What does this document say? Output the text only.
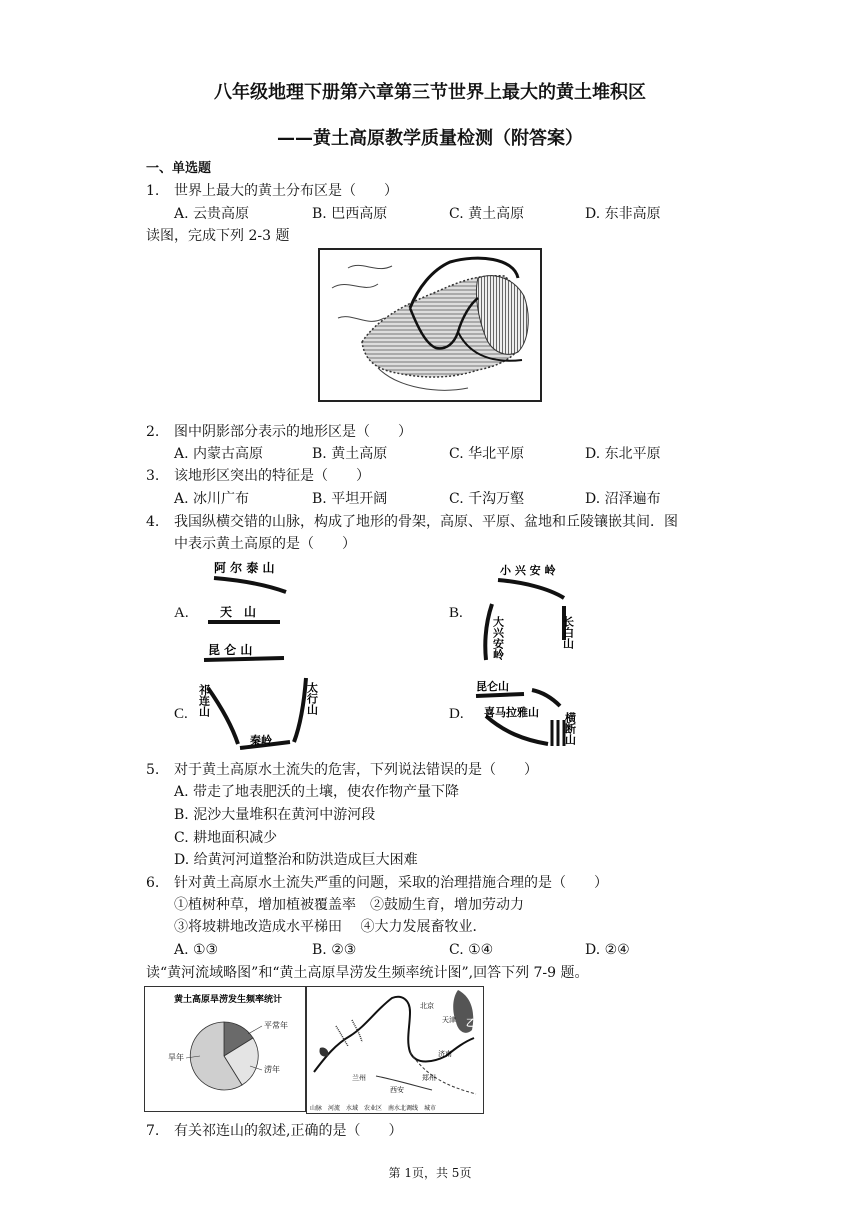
八年级地理下册第六章第三节世界上最大的黄土堆积区
——黄土高原教学质量检测（附答案）
一、单选题
1. 世界上最大的黄土分布区是（　　）
A. 云贵高原	B. 巴西高原	C. 黄土高原	D. 东非高原
读图，完成下列 2-3 题
2. 图中阴影部分表示的地形区是（　　）
A. 内蒙古高原	B. 黄土高原	C. 华北平原	D. 东北平原
3. 该地形区突出的特征是（　　）
A. 冰川广布	B. 平坦开阔	C. 千沟万壑	D. 沼泽遍布
4. 我国纵横交错的山脉，构成了地形的骨架，高原、平原、盆地和丘陵镶嵌其间．图
中表示黄土高原的是（　　）
A.	B.
C.	D.
阿 尔 泰 山
天　山
昆 仑 山
小 兴 安 岭
大兴安岭	长白山
祁连山	太行山
秦岭
昆仑山
喜马拉雅山 横断山
5. 对于黄土高原水土流失的危害，下列说法错误的是（　　）
A. 带走了地表肥沃的土壤，使农作物产量下降
B. 泥沙大量堆积在黄河中游河段
C. 耕地面积减少
D. 给黄河河道整治和防洪造成巨大困难
6. 针对黄土高原水土流失严重的问题，采取的治理措施合理的是（　　）
①植树种草，增加植被覆盖率　②鼓励生育，增加劳动力
③将坡耕地改造成水平梯田　 ④大力发展畜牧业．
A. ①③	B. ②③	C. ①④	D. ②④
读“黄河流域略图”和“黄土高原旱涝发生频率统计图”,回答下列 7-9 题。
黄土高原旱涝发生频率统计
平常年
旱年
涝年
北京
兰州
西安
郑州
济南
天津 乙
山脉　河流　水域　农业区　南水北调线　城市
7. 有关祁连山的叙述,正确的是（　　）
第 1页，共 5页
